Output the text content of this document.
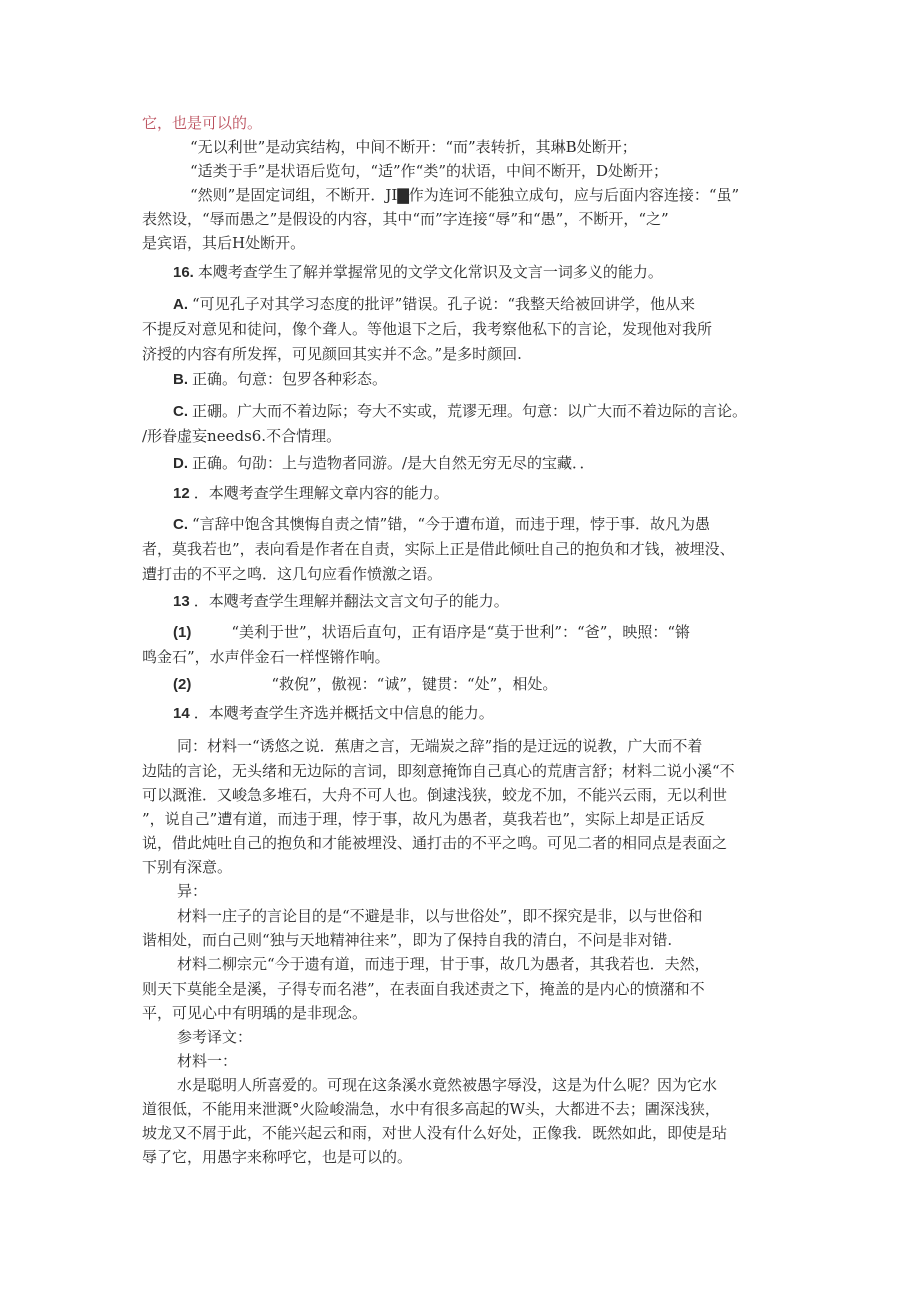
它，也是可以的。
“无以利世”是动宾结构，中间不断开：“而”表转折，其琳B处断开；
“适类于手”是状语后览句，“适”作“类”的状语，中间不断开，D处断开；
“然则”是固定词组，不断开．JI▇作为连诃不能独立成句，应与后面内容连接：“虽”
表然设，“辱而愚之”是假设的内容，其中“而”字连接“辱”和“愚”，不断开，“之”
是宾语，其后H处断开。
16. 本飕考查学生了解并掌握常见的文学文化常识及文言一词多义的能力。
A. “可见孔子对其学习态度的批评”错误。孔子说：“我整天给被回讲学，他从来
不提反对意见和徒问，像个聋人。等他退下之后，我考察他私下的言论，发现他对我所
济授的内容有所发挥，可见颜回其实并不念。”是多时颜回.
B. 正确。句意：包罗各种彩态。
C. 正硼。广大而不着边际；夸大不实或，荒谬无理。句意：以广大而不着边际的言论。
/形眷虚妄needs6.不合情理。
D. 正确。句劭：上与造物者同游。/是大自然无穷无尽的宝藏．．
12 ．本飕考查学生理解文章内容的能力。
C. “言辞中饱含其懊悔自责之情”错，“今于遭布道，而违于理，悖于事．故凡为愚
者，莫我若也”，表向看是作者在自责，实际上正是借此倾吐自己的抱负和才钱，被埋没、
遭打击的不平之鸣．这几句应看作愤激之语。
13 ．本飕考查学生理解并翻法文言文句子的能力。
(1)	“美利于世”，状语后直句，正有语序是“莫于世利”：“爸”，映照：“锵
鸣金石”，水声伴金石一样悭锵作响。
(2)	“救倪”，傲视：“诚”，键贯：“处”，相处。
14 ．本飕考查学生齐选并概括文中信息的能力。
同：材料一“诱悠之说．蕉唐之言，无端炭之辞”指的是迂远的说教，广大而不着
边陆的言论，无头绪和无边际的言词，即刻意掩饰自己真心的荒唐言舒；材料二说小溪“不
可以溉淮．又峻急多堆石，大舟不可人也。倒逮浅狭，蛟龙不加，不能兴云雨，无以利世
”，说自己”遭有道，而违于理，悖于事，故凡为愚者，莫我若也”，实际上却是正话反
说，借此炖吐自己的抱负和才能被埋没、通打击的不平之鸣。可见二者的相同点是表面之
下别有深意。
异：
材料一庄子的言论目的是“不避是非，以与世俗处”，即不探究是非，以与世俗和
谐相处，而白己则“独与天地精神往来”，即为了保持自我的清白，不问是非对错.
材料二柳宗元“今于遗有道，而违于理，甘于事，故几为愚者，其我若也．夫然，
则天下莫能全是溪，子得专而名港”，在表面自我述责之下，掩盖的是内心的愤潴和不
平，可见心中有明瑀的是非现念。
参考译文：
材料一：
水是聪明人所喜爱的。可现在这条溪水竟然被愚字辱没，这是为什么呢？因为它水
道很低，不能用来泄溉°火险峻湍急，水中有很多高起的W头，大都进不去；圕深浅狭，
坡龙又不屑于此，不能兴起云和雨，对世人没有什么好处，正像我．既然如此，即使是玷
辱了它，用愚字来称呼它，也是可以的。
